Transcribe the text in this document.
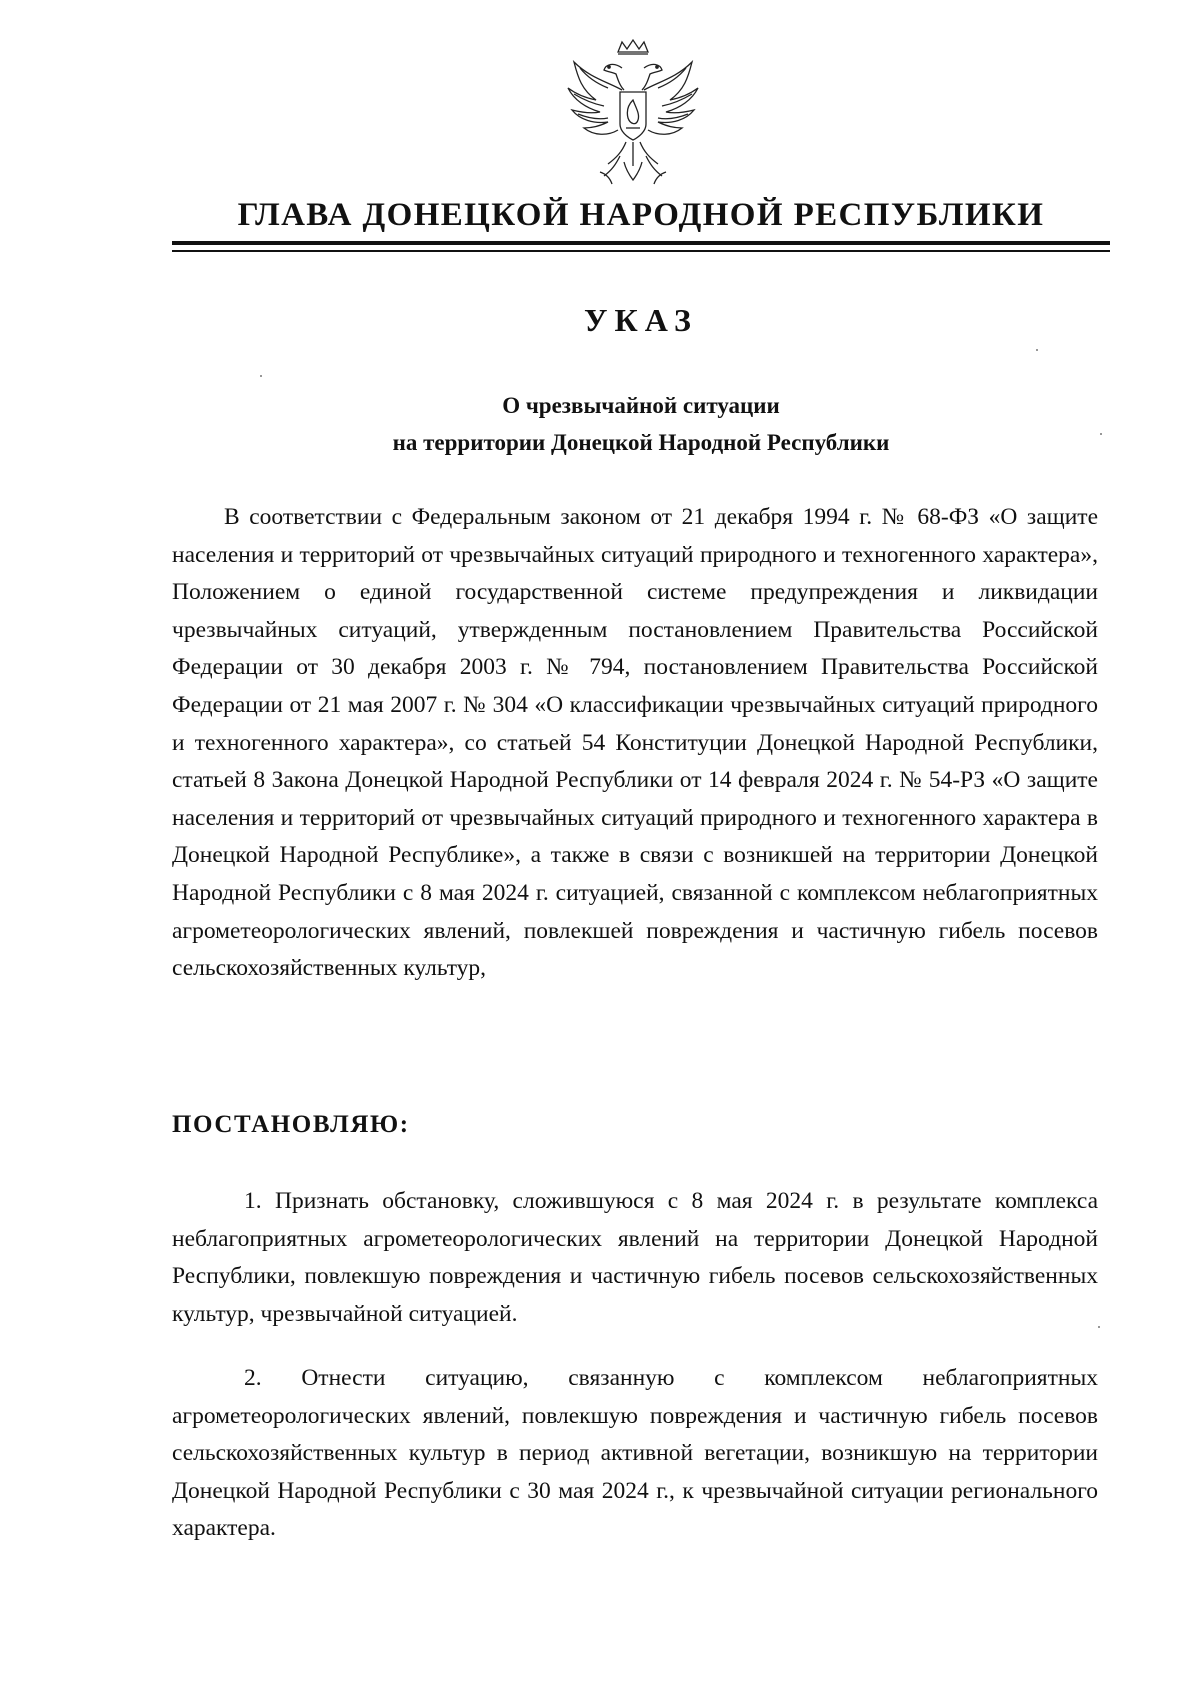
ГЛАВА ДОНЕЦКОЙ НАРОДНОЙ РЕСПУБЛИКИ
УКАЗ
О чрезвычайной ситуации
на территории Донецкой Народной Республики

В соответствии с Федеральным законом от 21 декабря 1994 г. № 68-ФЗ «О защите населения и территорий от чрезвычайных ситуаций природного и техногенного характера», Положением о единой государственной системе предупреждения и ликвидации чрезвычайных ситуаций, утвержденным постановлением Правительства Российской Федерации от 30 декабря 2003 г. № 794, постановлением Правительства Российской Федерации от 21 мая 2007 г. № 304 «О классификации чрезвычайных ситуаций природного и техногенного характера», со статьей 54 Конституции Донецкой Народной Республики, статьей 8 Закона Донецкой Народной Республики от 14 февраля 2024 г. № 54-РЗ «О защите населения и территорий от чрезвычайных ситуаций природного и техногенного характера в Донецкой Народной Республике», а также в связи с возникшей на территории Донецкой Народной Республики с 8 мая 2024 г. ситуацией, связанной с комплексом неблагоприятных агрометеорологических явлений, повлекшей повреждения и частичную гибель посевов сельскохозяйственных культур,

ПОСТАНОВЛЯЮ:

1. Признать обстановку, сложившуюся с 8 мая 2024 г. в результате комплекса неблагоприятных агрометеорологических явлений на территории Донецкой Народной Республики, повлекшую повреждения и частичную гибель посевов сельскохозяйственных культур, чрезвычайной ситуацией.

2. Отнести ситуацию, связанную с комплексом неблагоприятных агрометеорологических явлений, повлекшую повреждения и частичную гибель посевов сельскохозяйственных культур в период активной вегетации, возникшую на территории Донецкой Народной Республики с 30 мая 2024 г., к чрезвычайной ситуации регионального характера.
